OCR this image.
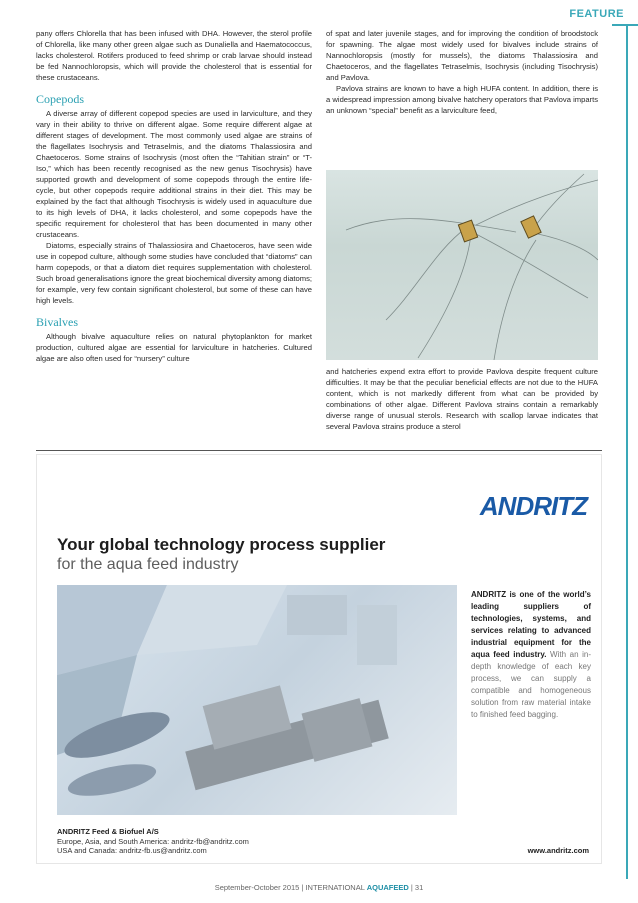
FEATURE

pany offers Chlorella that has been infused with DHA. However, the sterol profile of Chlorella, like many other green algae such as Dunaliella and Haematococcus, lacks cholesterol. Rotifers produced to feed shrimp or crab larvae should instead be fed Nannochloropsis, which will provide the cholesterol that is essential for these crustaceans.

Copepods

A diverse array of different copepod species are used in larviculture, and they vary in their ability to thrive on different algae. Some require different algae at different stages of development. The most commonly used algae are strains of the flagellates Isochrysis and Tetraselmis, and the diatoms Thalassiosira and Chaetoceros. Some strains of Isochrysis (most often the “Tahitian strain” or “T-Iso,” which has been recently recognised as the new genus Tisochrysis) have supported growth and development of some copepods through the entire life-cycle, but other copepods require additional strains in their diet. This may be explained by the fact that although Tisochrysis is widely used in aquaculture due to its high levels of DHA, it lacks cholesterol, and some copepods have the specific requirement for cholesterol that has been documented in many other crustaceans.

Diatoms, especially strains of Thalassiosira and Chaetoceros, have seen wide use in copepod culture, although some studies have concluded that “diatoms” can harm copepods, or that a diatom diet requires supplementation with cholesterol. Such broad generalisations ignore the great biochemical diversity among diatoms; for example, very few contain significant cholesterol, but some of these can have high levels.

Bivalves

Although bivalve aquaculture relies on natural phytoplankton for market production, cultured algae are essential for larviculture in hatcheries. Cultured algae are also often used for “nursery” culture

of spat and later juvenile stages, and for improving the condition of broodstock for spawning. The algae most widely used for bivalves include strains of Nannochloropsis (mostly for mussels), the diatoms Thalassiosira and Chaetoceros, and the flagellates Tetraselmis, Isochrysis (including Tisochrysis) and Pavlova.

Pavlova strains are known to have a high HUFA content. In addition, there is a widespread impression among bivalve hatchery operators that Pavlova imparts an unknown “special” benefit as a larviculture feed,

and hatcheries expend extra effort to provide Pavlova despite frequent culture difficulties. It may be that the peculiar beneficial effects are not due to the HUFA content, which is not markedly different from what can be provided by combinations of other algae. Different Pavlova strains contain a remarkably diverse range of unusual sterols. Research with scallop larvae indicates that several Pavlova strains produce a sterol

ANDRITZ
Your global technology process supplier
for the aqua feed industry
ANDRITZ is one of the world’s leading suppliers of technologies, systems, and services relating to advanced industrial equipment for the aqua feed industry. With an in-depth knowledge of each key process, we can supply a compatible and homogeneous solution from raw material intake to finished feed bagging.
ANDRITZ Feed & Biofuel A/S
Europe, Asia, and South America: andritz-fb@andritz.com
USA and Canada: andritz-fb.us@andritz.com	www.andritz.com
September-October 2015 | INTERNATIONAL AQUAFEED | 31
